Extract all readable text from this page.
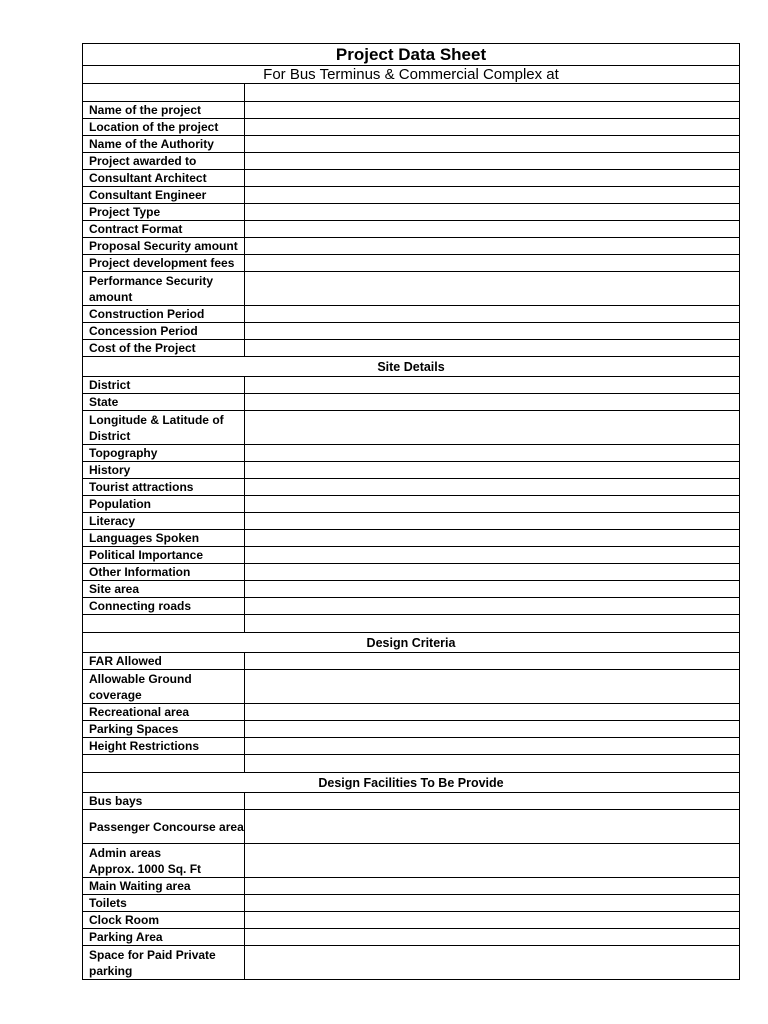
Project Data Sheet	
For Bus Terminus & Commercial Complex at	

Name of the project	
Location of the project	
Name of the Authority	
Project awarded to	
Consultant Architect	
Consultant Engineer	
Project Type	
Contract Format	
Proposal Security amount	
Project development fees	
Performance Security amount	
Construction Period	
Concession Period	
Cost of the Project	
Site Details	
District	
State	
Longitude & Latitude of District	
Topography	
History	
Tourist attractions	
Population	
Literacy	
Languages Spoken	
Political Importance	
Other Information	
Site area	
Connecting roads	

Design Criteria	
FAR Allowed	
Allowable Ground coverage	
Recreational area	
Parking Spaces	
Height Restrictions	

Design Facilities To Be Provide	
Bus bays	
Passenger Concourse area	
Admin areas
Approx. 1000 Sq. Ft	
Main Waiting area	
Toilets	
Clock Room	
Parking Area	
Space for Paid Private parking	
